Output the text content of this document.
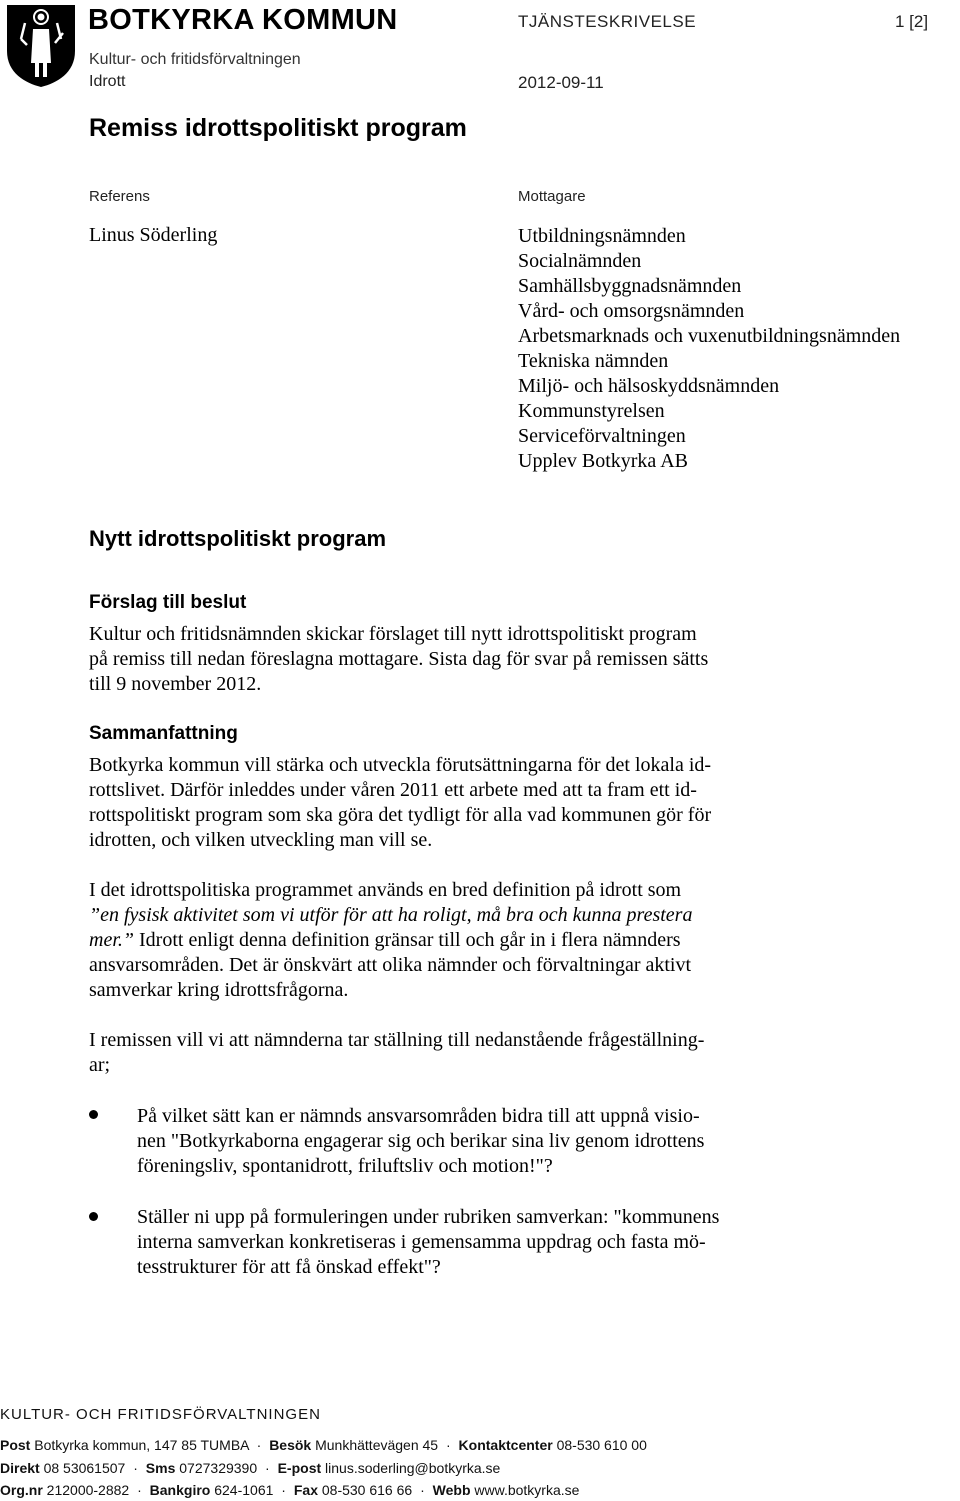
BOTKYRKA KOMMUN
Kultur- och fritidsförvaltningen
Idrott
TJÄNSTESKRIVELSE	1 [2]
2012-09-11
Remiss idrottspolitiskt program
Referens
Linus Söderling
Mottagare
Utbildningsnämnden
Socialnämnden
Samhällsbyggnadsnämnden
Vård- och omsorgsnämnden
Arbetsmarknads och vuxenutbildningsnämnden
Tekniska nämnden
Miljö- och hälsoskyddsnämnden
Kommunstyrelsen
Serviceförvaltningen
Upplev Botkyrka AB
Nytt idrottspolitiskt program
Förslag till beslut
Kultur och fritidsnämnden skickar förslaget till nytt idrottspolitiskt program
på remiss till nedan föreslagna mottagare. Sista dag för svar på remissen sätts
till 9 november 2012.
Sammanfattning
Botkyrka kommun vill stärka och utveckla förutsättningarna för det lokala id-
rottslivet. Därför inleddes under våren 2011 ett arbete med att ta fram ett id-
rottspolitiskt program som ska göra det tydligt för alla vad kommunen gör för
idrotten, och vilken utveckling man vill se.
I det idrottspolitiska programmet används en bred definition på idrott som
”en fysisk aktivitet som vi utför för att ha roligt, må bra och kunna prestera
mer.” Idrott enligt denna definition gränsar till och går in i flera nämnders
ansvarsområden. Det är önskvärt att olika nämnder och förvaltningar aktivt
samverkar kring idrottsfrågorna.
I remissen vill vi att nämnderna tar ställning till nedanstående frågeställning-
ar;
På vilket sätt kan er nämnds ansvarsområden bidra till att uppnå visio-
nen "Botkyrkaborna engagerar sig och berikar sina liv genom idrottens
föreningsliv, spontanidrott, friluftsliv och motion!"?
Ställer ni upp på formuleringen under rubriken samverkan: "kommunens
interna samverkan konkretiseras i gemensamma uppdrag och fasta mö-
tesstrukturer för att få önskad effekt"?
KULTUR- OCH FRITIDSFÖRVALTNINGEN
Post Botkyrka kommun, 147 85 TUMBA · Besök Munkhättevägen 45 · Kontaktcenter 08-530 610 00
Direkt 08 53061507 · Sms 0727329390 · E-post linus.soderling@botkyrka.se
Org.nr 212000-2882 · Bankgiro 624-1061 · Fax 08-530 616 66 · Webb www.botkyrka.se
